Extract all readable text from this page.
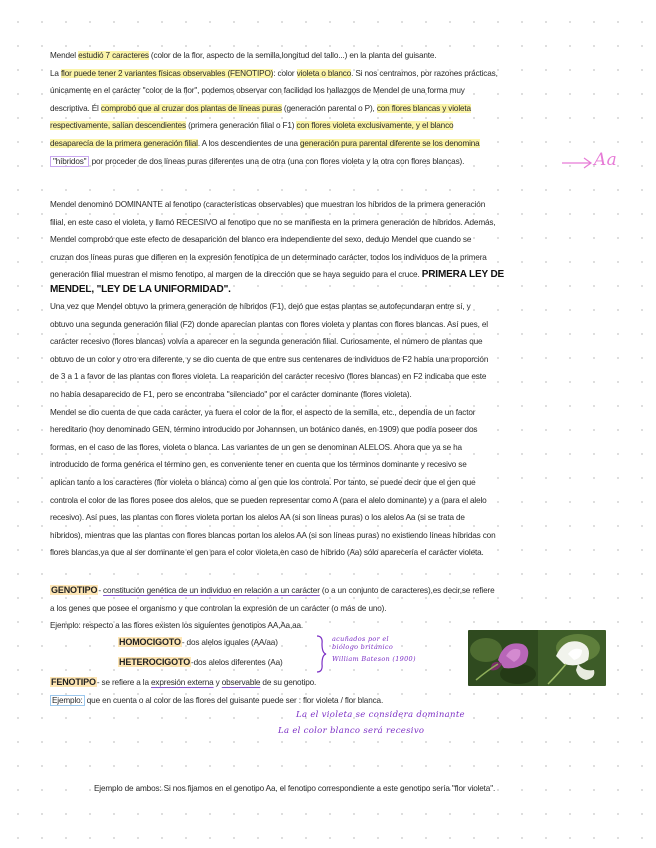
Mendel estudió 7 caracteres (color de la flor, aspecto de la semilla,longitud del tallo...) en la planta del guisante.

La flor puede tener 2 variantes físicas observables (FENOTIPO): color violeta o blanco. Si nos centramos, por razones prácticas,

únicamente en el carácter "color de la flor", podemos observar con facilidad los hallazgos de Mendel de una forma muy

descriptiva. Él comprobó que al cruzar dos plantas de líneas puras (generación parental o P), con flores blancas y violeta

respectivamente, salían descendientes (primera generación filial o F1) con flores violeta exclusivamente, y el blanco

desaparecía de la primera generación filial. A los descendientes de una generación pura parental diferente se los denomina

"híbridos" por proceder de dos líneas puras diferentes una de otra (una con flores violeta y la otra con flores blancas).	Aa

Mendel denominó DOMINANTE al fenotipo (características observables) que muestran los híbridos de la primera generación

filial, en este caso el violeta, y llamó RECESIVO al fenotipo que no se manifiesta en la primera generación de híbridos. Además,

Mendel comprobó que este efecto de desaparición del blanco era independiente del sexo, dedujo Mendel que cuando se

cruzan dos líneas puras que difieren en la expresión fenotípica de un determinado carácter, todos los individuos de la primera

generación filial muestran el mismo fenotipo, al margen de la dirección que se haya seguido para el cruce. PRIMERA LEY DE

MENDEL, "LEY DE LA UNIFORMIDAD".

Una vez que Mendel obtuvo la primera generación de híbridos (F1), dejó que estas plantas se autofecundaran entre sí, y

obtuvo una segunda generación filial (F2) donde aparecían plantas con flores violeta y plantas con flores blancas. Así pues, el

carácter recesivo (flores blancas) volvía a aparecer en la segunda generación filial. Curiosamente, el número de plantas que

obtuvo de un color y otro era diferente, y se dio cuenta de que entre sus centenares de individuos de F2 había una proporción

de 3 a 1 a favor de las plantas con flores violeta. La reaparición del carácter recesivo (flores blancas) en F2 indicaba que este

no había desaparecido de F1, pero se encontraba "silenciado" por el carácter dominante (flores violeta).

Mendel se dio cuenta de que cada carácter, ya fuera el color de la flor, el aspecto de la semilla, etc., dependía de un factor

hereditario (hoy denominado GEN, término introducido por Johannsen, un botánico danés, en 1909) que podía poseer dos

formas, en el caso de las flores, violeta o blanca. Las variantes de un gen se denominan ALELOS. Ahora que ya se ha

introducido de forma genérica el término gen, es conveniente tener en cuenta que los términos dominante y recesivo se

aplican tanto a los caracteres (flor violeta o blanca) como al gen que los controla. Por tanto, se puede decir que el gen que

controla el color de las flores posee dos alelos, que se pueden representar como A (para el alelo dominante) y a (para el alelo

recesivo). Así pues, las plantas con flores violeta portan los alelos AA (si son líneas puras) o los alelos Aa (si se trata de

híbridos), mientras que las plantas con flores blancas portan los alelos AA (si son líneas puras) no existiendo líneas híbridas con

flores blancas,ya que al ser dominante el gen para el color violeta,en caso de híbrido (Aa) sólo aparecería el carácter violeta.

GENOTIPO- constitución genética de un individuo en relación a un carácter (o a un conjunto de caracteres),es decir,se refiere

a los genes que posee el organismo y que controlan la expresión de un carácter (o más de uno).

Ejemplo: respecto a las flores existen los siguientes genotipos AA,Aa,aa.

HOMOCIGOTO- dos alelos iguales (AA/aa)

HETEROCIGOTO-dos alelos diferentes (Aa)

acuñados por el
biólogo británico
William Bateson (1900)

FENOTIPO- se refiere a la expresión externa y observable de su genotipo.

Ejemplo: que en cuenta o al color de las flores del guisante puede ser : flor violeta / flor blanca.

La el violeta se considera dominante
La el color blanco será recesivo

Ejemplo de ambos: Si nos fijamos en el genotipo Aa, el fenotipo correspondiente a este genotipo sería "flor violeta".
